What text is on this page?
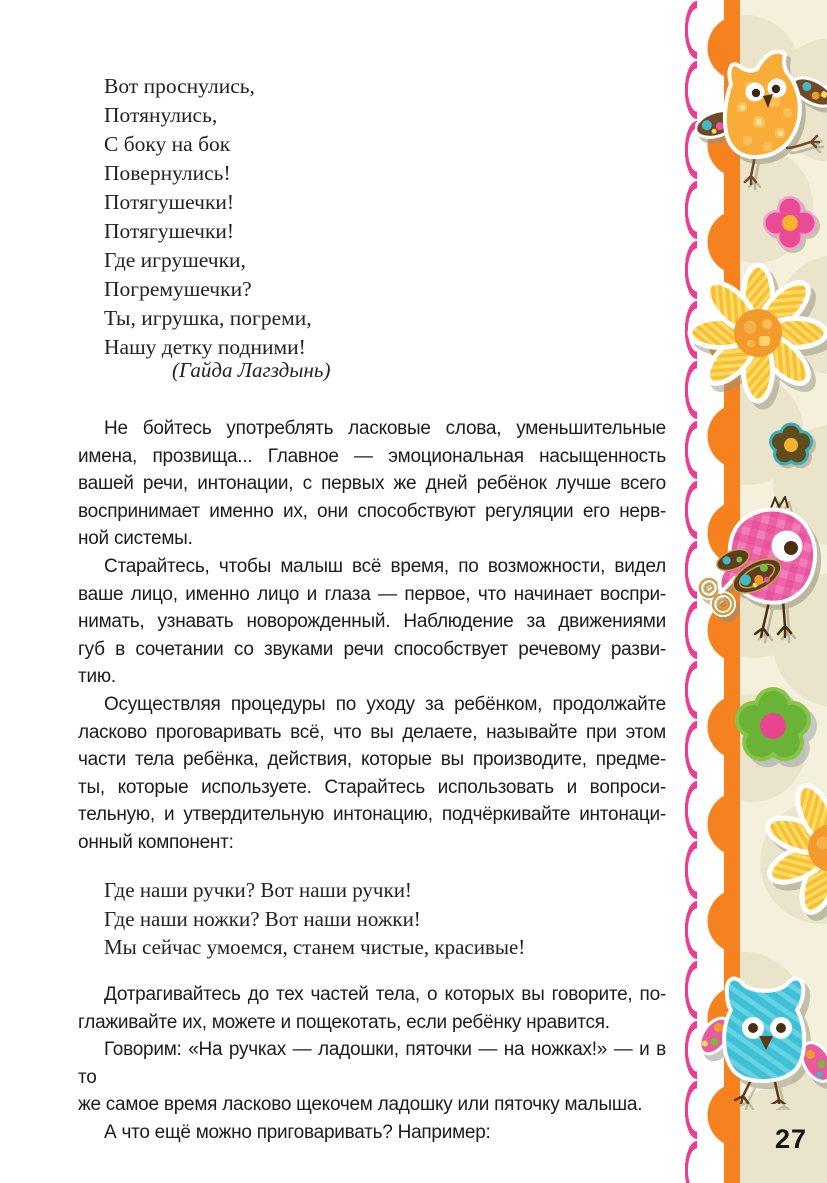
Вот проснулись,
Потянулись,
С боку на бок
Повернулись!
Потягушечки!
Потягушечки!
Где игрушечки,
Погремушечки?
Ты, игрушка, погреми,
Нашу детку подними!
(Гайда Лагздынь)
Не бойтесь употреблять ласковые слова, уменьшительные
имена, прозвища... Главное — эмоциональная насыщенность
вашей речи, интонации, с первых же дней ребёнок лучше всего
воспринимает именно их, они способствуют регуляции его нерв-
ной системы.
Старайтесь, чтобы малыш всё время, по возможности, видел
ваше лицо, именно лицо и глаза — первое, что начинает воспри-
нимать, узнавать новорожденный. Наблюдение за движениями
губ в сочетании со звуками речи способствует речевому разви-
тию.
Осуществляя процедуры по уходу за ребёнком, продолжайте
ласково проговаривать всё, что вы делаете, называйте при этом
части тела ребёнка, действия, которые вы производите, предме-
ты, которые используете. Старайтесь использовать и вопроси-
тельную, и утвердительную интонацию, подчёркивайте интонаци-
онный компонент:
Где наши ручки? Вот наши ручки!
Где наши ножки? Вот наши ножки!
Мы сейчас умоемся, станем чистые, красивые!
Дотрагивайтесь до тех частей тела, о которых вы говорите, по-
глаживайте их, можете и пощекотать, если ребёнку нравится.
Говорим: «На ручках — ладошки, пяточки — на ножках!» — и в то
же самое время ласково щекочем ладошку или пяточку малыша.
А что ещё можно приговаривать? Например:	27
